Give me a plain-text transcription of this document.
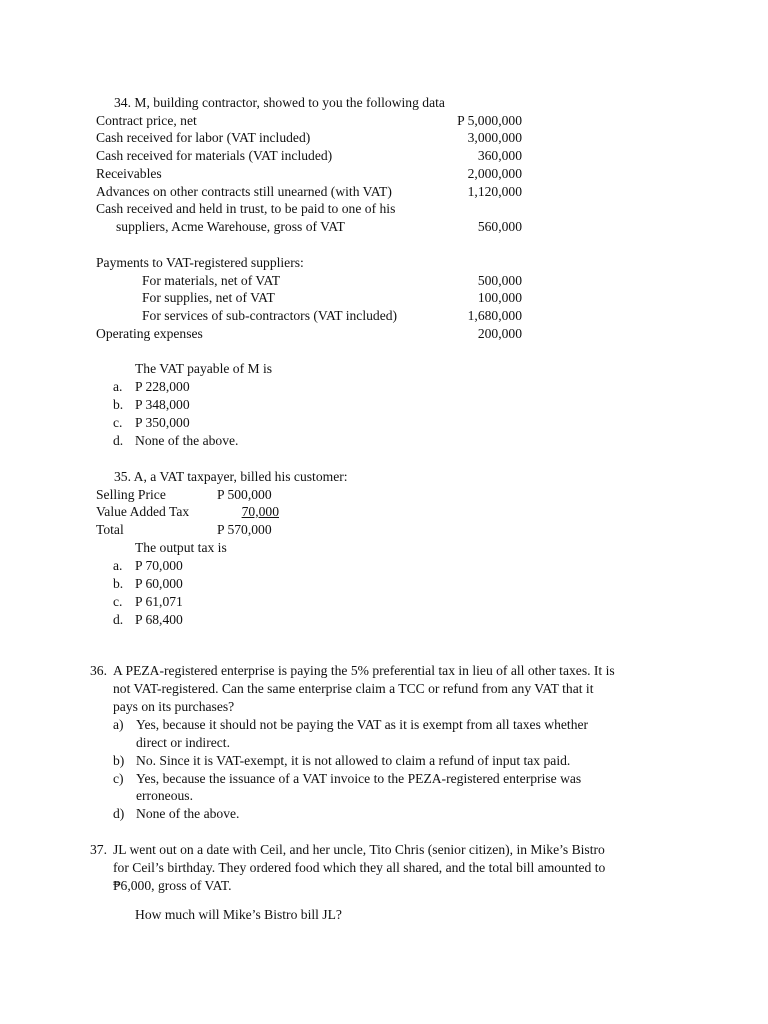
34. M, building contractor, showed to you the following data
Contract price, net	P 5,000,000
Cash received for labor (VAT included)	3,000,000
Cash received for materials (VAT included)	360,000
Receivables	2,000,000
Advances on other contracts still unearned (with VAT)	1,120,000
Cash received and held in trust, to be paid to one of his
suppliers, Acme Warehouse, gross of VAT	560,000
Payments to VAT-registered suppliers:
For materials, net of VAT	500,000
For supplies, net of VAT	100,000
For services of sub-contractors (VAT included)	1,680,000
Operating expenses	200,000
The VAT payable of M is
a. P 228,000
b. P 348,000
c. P 350,000
d. None of the above.
35. A, a VAT taxpayer, billed his customer:
Selling Price	P 500,000
Value Added Tax	70,000
Total	P 570,000
The output tax is
a. P 70,000
b. P 60,000
c. P 61,071
d. P 68,400
36. A PEZA-registered enterprise is paying the 5% preferential tax in lieu of all other taxes. It is
not VAT-registered. Can the same enterprise claim a TCC or refund from any VAT that it
pays on its purchases?
a) Yes, because it should not be paying the VAT as it is exempt from all taxes whether
direct or indirect.
b) No. Since it is VAT-exempt, it is not allowed to claim a refund of input tax paid.
c) Yes, because the issuance of a VAT invoice to the PEZA-registered enterprise was
erroneous.
d) None of the above.
37. JL went out on a date with Ceil, and her uncle, Tito Chris (senior citizen), in Mike’s Bistro
for Ceil’s birthday. They ordered food which they all shared, and the total bill amounted to
₱6,000, gross of VAT.
How much will Mike’s Bistro bill JL?
